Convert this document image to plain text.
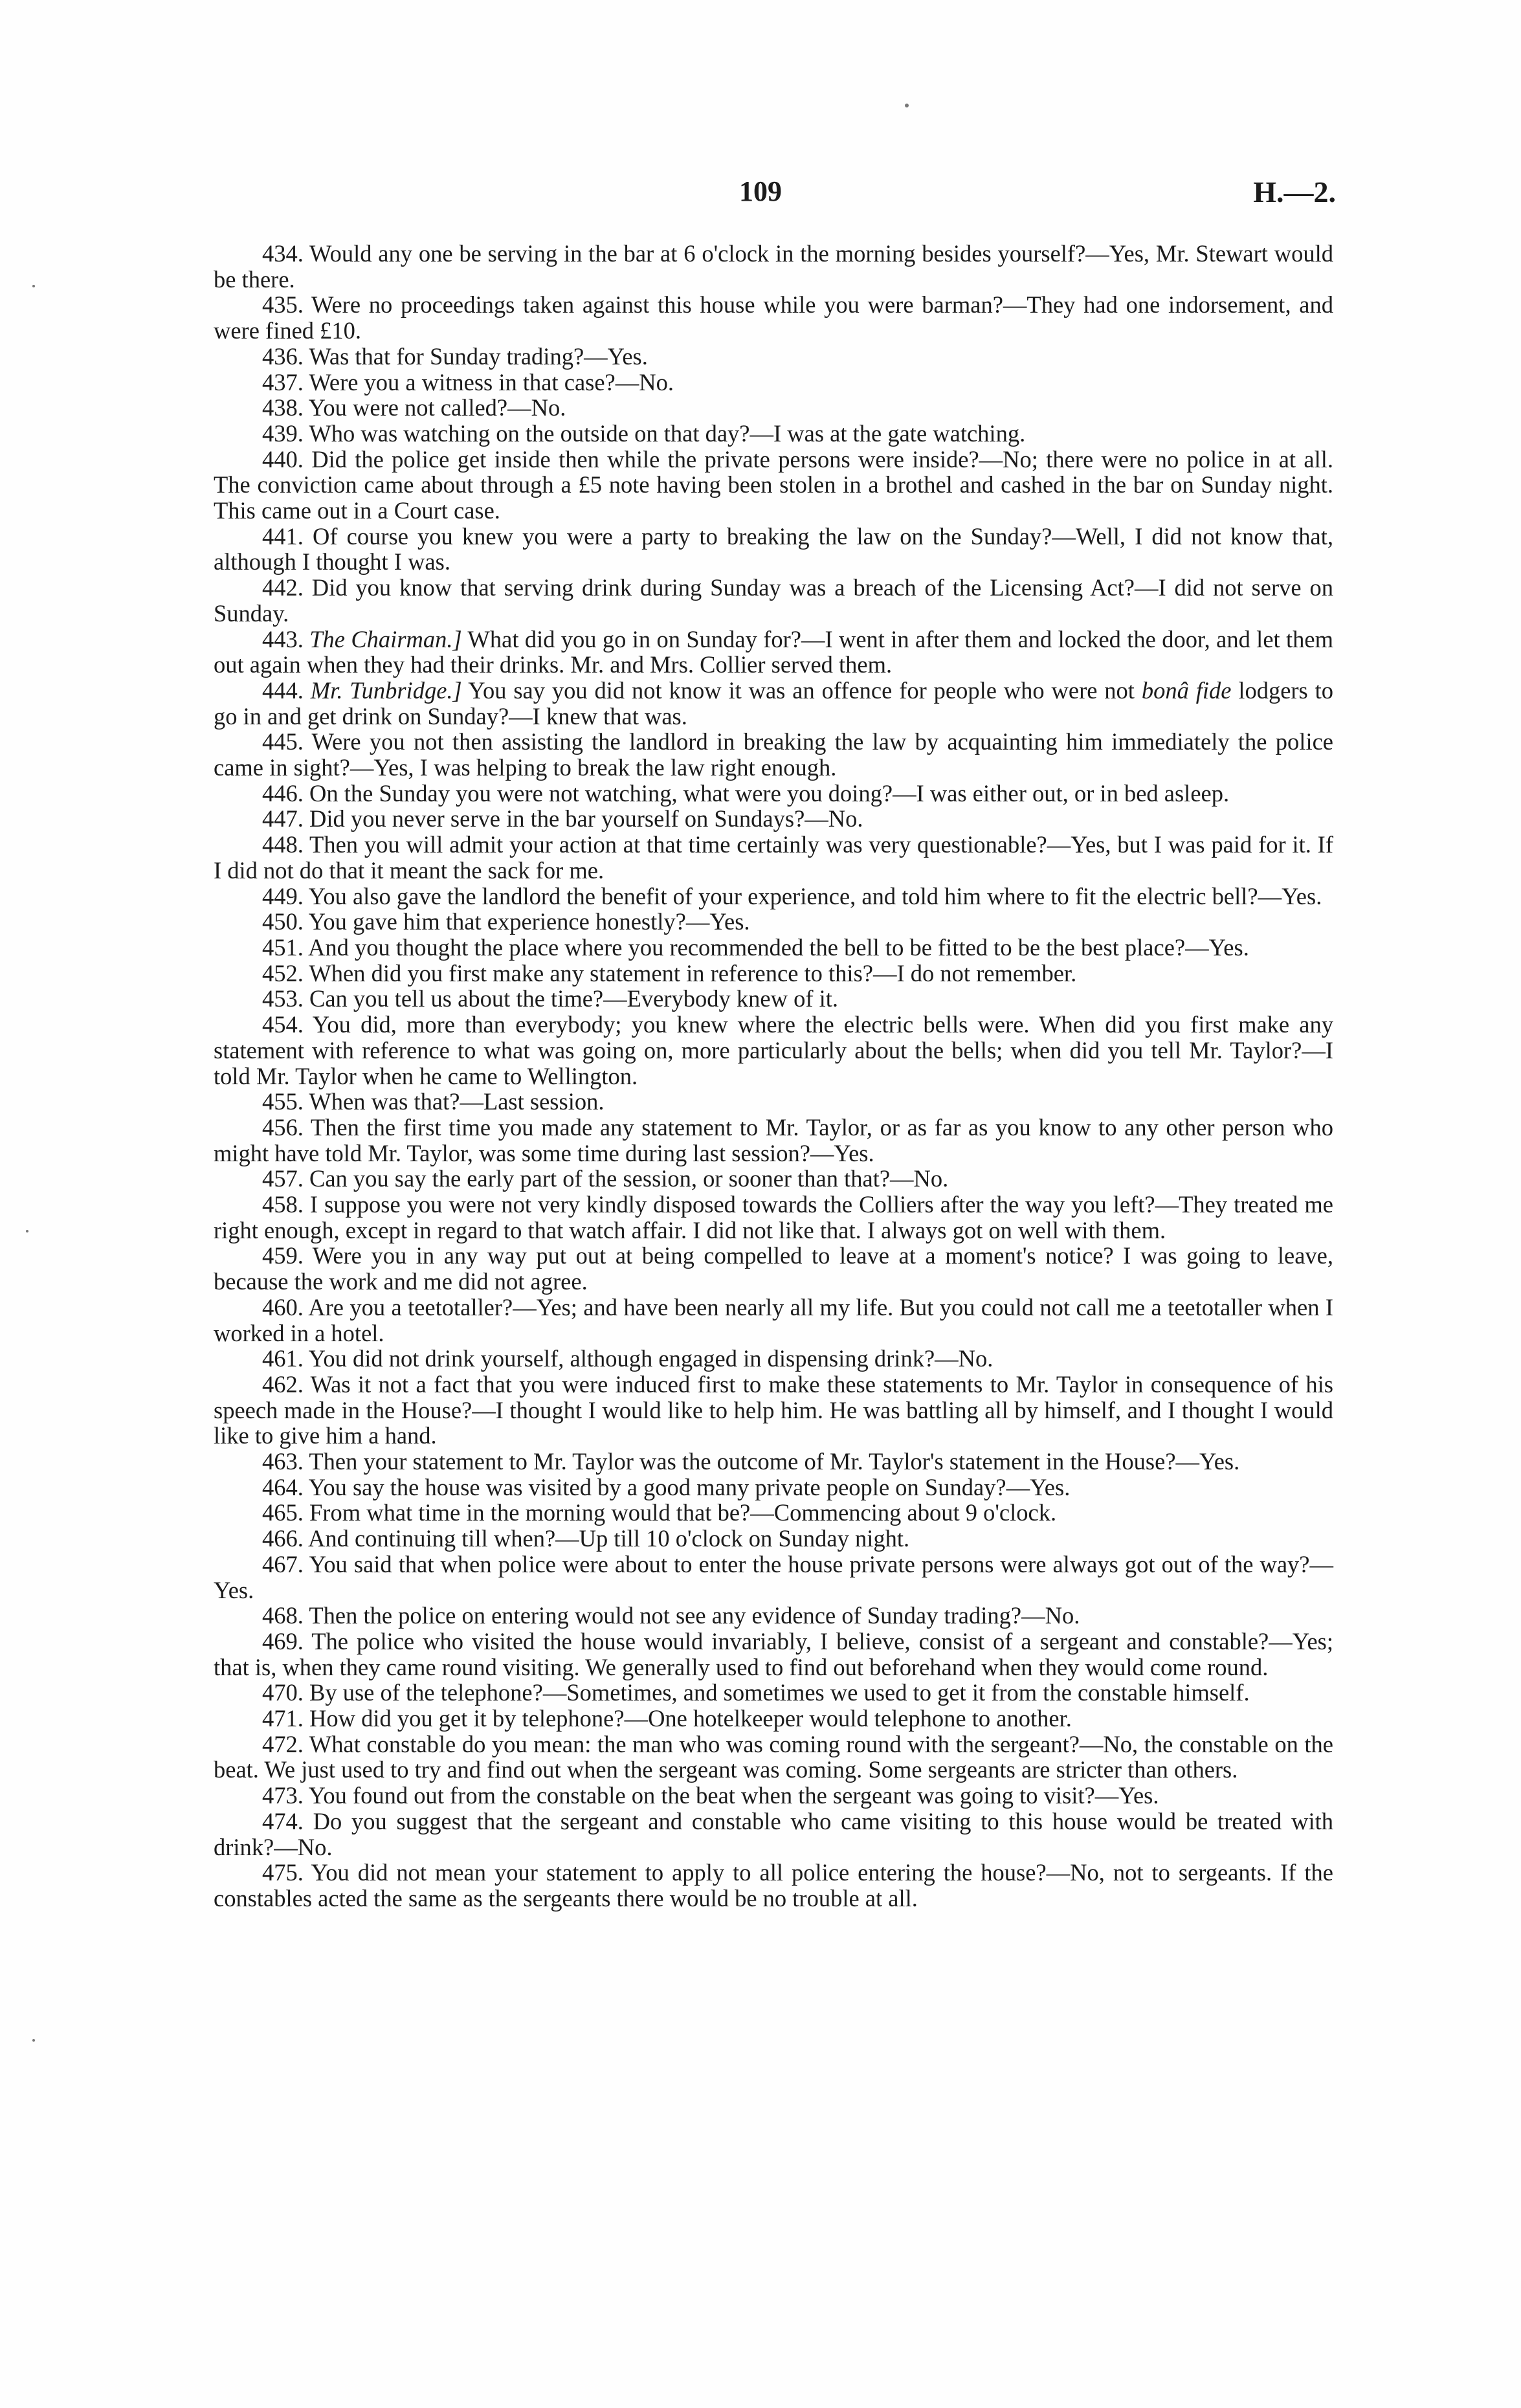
109	H.—2.

434. Would any one be serving in the bar at 6 o'clock in the morning besides yourself?—Yes, Mr. Stewart would be there.

435. Were no proceedings taken against this house while you were barman?—They had one indorsement, and were fined £10.

436. Was that for Sunday trading?—Yes.

437. Were you a witness in that case?—No.

438. You were not called?—No.

439. Who was watching on the outside on that day?—I was at the gate watching.

440. Did the police get inside then while the private persons were inside?—No; there were no police in at all. The conviction came about through a £5 note having been stolen in a brothel and cashed in the bar on Sunday night. This came out in a Court case.

441. Of course you knew you were a party to breaking the law on the Sunday?—Well, I did not know that, although I thought I was.

442. Did you know that serving drink during Sunday was a breach of the Licensing Act?—I did not serve on Sunday.

443. The Chairman.] What did you go in on Sunday for?—I went in after them and locked the door, and let them out again when they had their drinks. Mr. and Mrs. Collier served them.

444. Mr. Tunbridge.] You say you did not know it was an offence for people who were not bonâ fide lodgers to go in and get drink on Sunday?—I knew that was.

445. Were you not then assisting the landlord in breaking the law by acquainting him immediately the police came in sight?—Yes, I was helping to break the law right enough.

446. On the Sunday you were not watching, what were you doing?—I was either out, or in bed asleep.

447. Did you never serve in the bar yourself on Sundays?—No.

448. Then you will admit your action at that time certainly was very questionable?—Yes, but I was paid for it. If I did not do that it meant the sack for me.

449. You also gave the landlord the benefit of your experience, and told him where to fit the electric bell?—Yes.

450. You gave him that experience honestly?—Yes.

451. And you thought the place where you recommended the bell to be fitted to be the best place?—Yes.

452. When did you first make any statement in reference to this?—I do not remember.

453. Can you tell us about the time?—Everybody knew of it.

454. You did, more than everybody; you knew where the electric bells were. When did you first make any statement with reference to what was going on, more particularly about the bells; when did you tell Mr. Taylor?—I told Mr. Taylor when he came to Wellington.

455. When was that?—Last session.

456. Then the first time you made any statement to Mr. Taylor, or as far as you know to any other person who might have told Mr. Taylor, was some time during last session?—Yes.

457. Can you say the early part of the session, or sooner than that?—No.

458. I suppose you were not very kindly disposed towards the Colliers after the way you left?—They treated me right enough, except in regard to that watch affair. I did not like that. I always got on well with them.

459. Were you in any way put out at being compelled to leave at a moment's notice? I was going to leave, because the work and me did not agree.

460. Are you a teetotaller?—Yes; and have been nearly all my life. But you could not call me a teetotaller when I worked in a hotel.

461. You did not drink yourself, although engaged in dispensing drink?—No.

462. Was it not a fact that you were induced first to make these statements to Mr. Taylor in consequence of his speech made in the House?—I thought I would like to help him. He was battling all by himself, and I thought I would like to give him a hand.

463. Then your statement to Mr. Taylor was the outcome of Mr. Taylor's statement in the House?—Yes.

464. You say the house was visited by a good many private people on Sunday?—Yes.

465. From what time in the morning would that be?—Commencing about 9 o'clock.

466. And continuing till when?—Up till 10 o'clock on Sunday night.

467. You said that when police were about to enter the house private persons were always got out of the way?—Yes.

468. Then the police on entering would not see any evidence of Sunday trading?—No.

469. The police who visited the house would invariably, I believe, consist of a sergeant and constable?—Yes; that is, when they came round visiting. We generally used to find out beforehand when they would come round.

470. By use of the telephone?—Sometimes, and sometimes we used to get it from the constable himself.

471. How did you get it by telephone?—One hotelkeeper would telephone to another.

472. What constable do you mean: the man who was coming round with the sergeant?—No, the constable on the beat. We just used to try and find out when the sergeant was coming. Some sergeants are stricter than others.

473. You found out from the constable on the beat when the sergeant was going to visit?—Yes.

474. Do you suggest that the sergeant and constable who came visiting to this house would be treated with drink?—No.

475. You did not mean your statement to apply to all police entering the house?—No, not to sergeants. If the constables acted the same as the sergeants there would be no trouble at all.
